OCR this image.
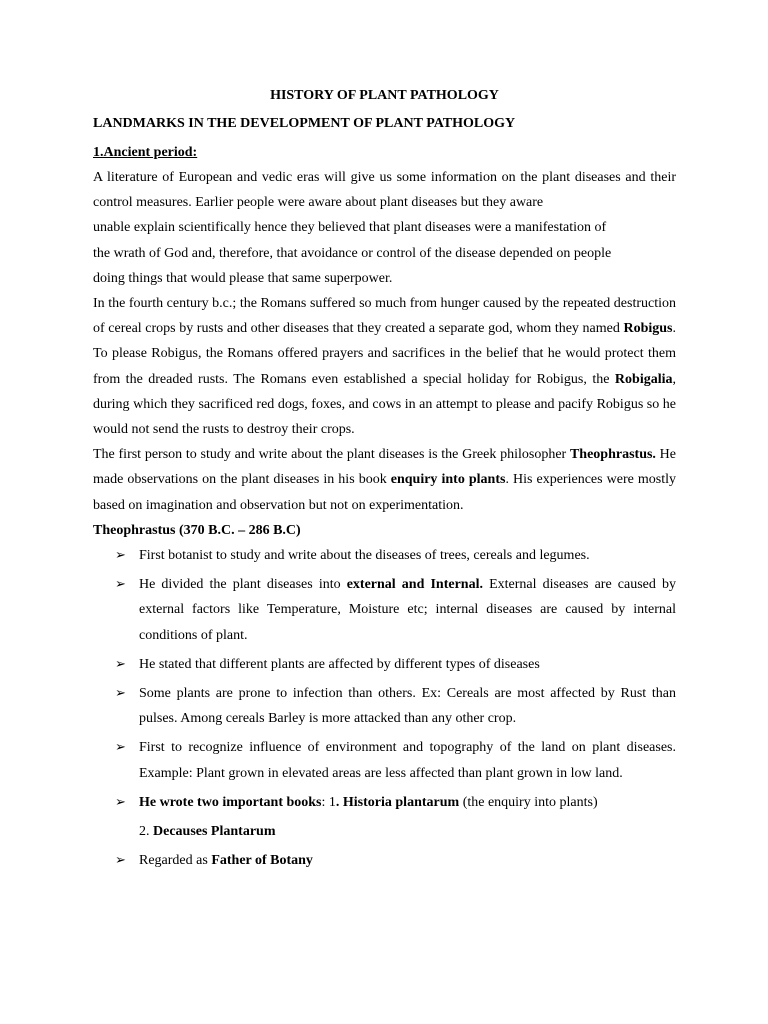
HISTORY OF PLANT PATHOLOGY

LANDMARKS IN THE DEVELOPMENT OF PLANT PATHOLOGY

1.Ancient period:

A literature of European and vedic eras will give us some information on the plant diseases and their control measures. Earlier people were aware about plant diseases but they aware

unable explain scientifically hence they believed that plant diseases were a manifestation of
the wrath of God and, therefore, that avoidance or control of the disease depended on people
doing things that would please that same superpower.

In the fourth century b.c.; the Romans suffered so much from hunger caused by the repeated destruction of cereal crops by rusts and other diseases that they created a separate god, whom they named Robigus. To please Robigus, the Romans offered prayers and sacrifices in the belief that he would protect them from the dreaded rusts. The Romans even established a special holiday for Robigus, the Robigalia, during which they sacrificed red dogs, foxes, and cows in an attempt to please and pacify Robigus so he would not send the rusts to destroy their crops.

The first person to study and write about the plant diseases is the Greek philosopher Theophrastus. He made observations on the plant diseases in his book enquiry into plants. His experiences were mostly based on imagination and observation but not on experimentation.

Theophrastus (370 B.C. – 286 B.C)

➢ First botanist to study and write about the diseases of trees, cereals and legumes.
➢ He divided the plant diseases into external and Internal. External diseases are caused by external factors like Temperature, Moisture etc; internal diseases are caused by internal conditions of plant.
➢ He stated that different plants are affected by different types of diseases
➢ Some plants are prone to infection than others. Ex: Cereals are most affected by Rust than pulses. Among cereals Barley is more attacked than any other crop.
➢ First to recognize influence of environment and topography of the land on plant diseases. Example: Plant grown in elevated areas are less affected than plant grown in low land.
➢ He wrote two important books: 1. Historia plantarum (the enquiry into plants)
2. Decauses Plantarum
➢ Regarded as Father of Botany
